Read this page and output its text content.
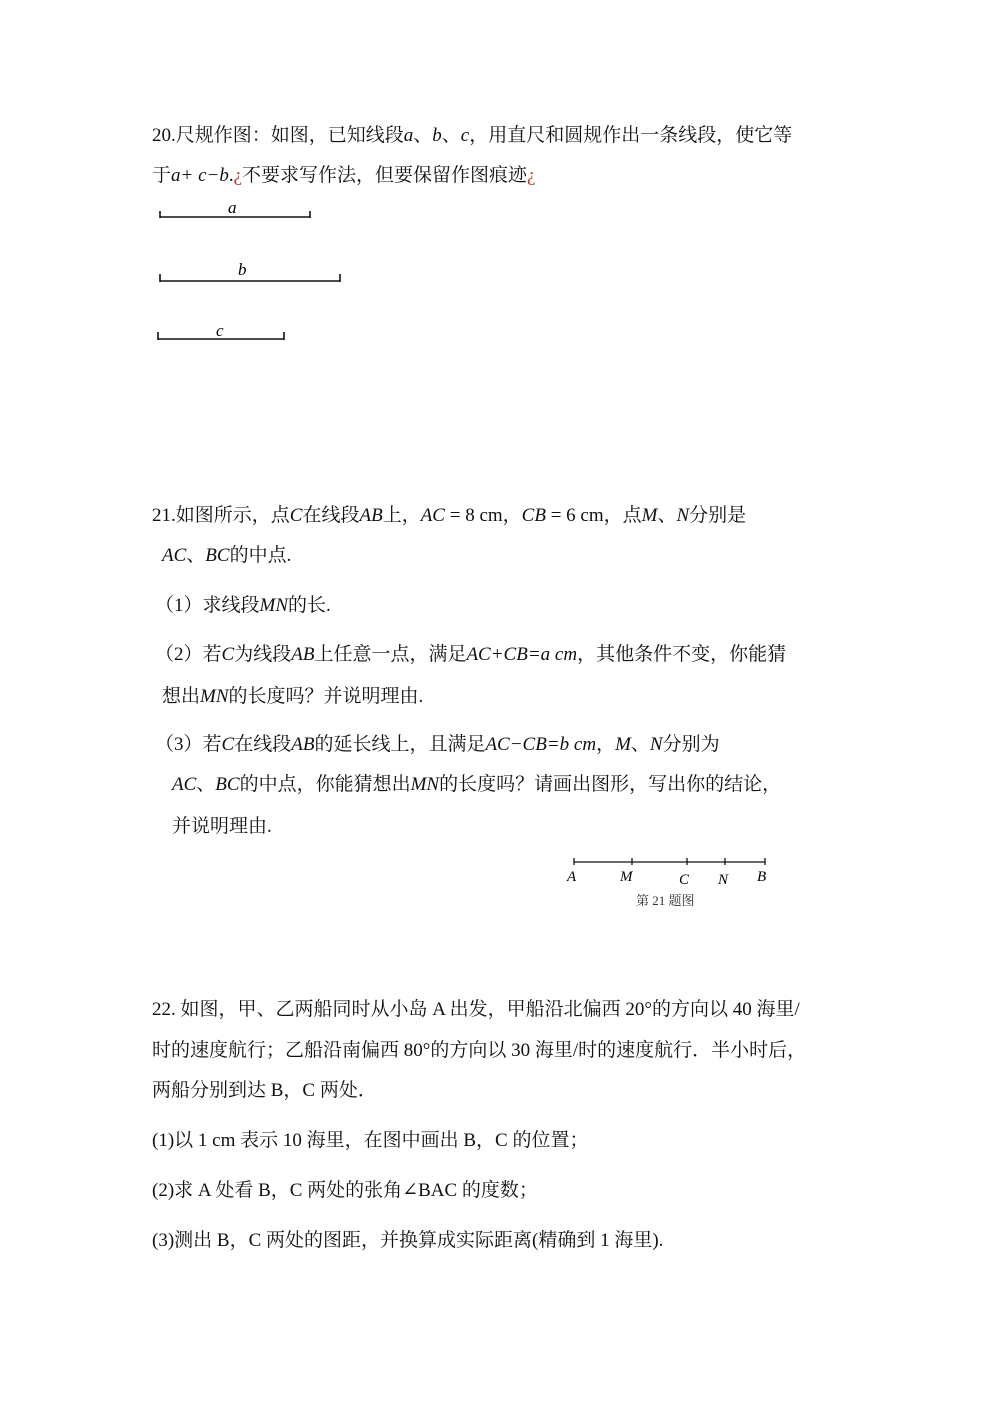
20.尺规作图：如图，已知线段a、b、c，用直尺和圆规作出一条线段，使它等
于a+ c−b.¿不要求写作法，但要保留作图痕迹¿
a
b
c
A	M	C N B
第 21 题图
21.如图所示，点C在线段AB上，AC = 8 cm，CB = 6 cm，点M、N分别是
AC、BC的中点.
（1）求线段MN的长.
（2）若C为线段AB上任意一点，满足AC+CB=a cm，其他条件不变，你能猜
想出MN的长度吗？并说明理由.
（3）若C在线段AB的延长线上，且满足AC−CB=b cm，M、N分别为
AC、BC的中点，你能猜想出MN的长度吗？请画出图形，写出你的结论，
并说明理由.
22. 如图，甲、乙两船同时从小岛 A 出发，甲船沿北偏西 20°的方向以 40 海里/
时的速度航行；乙船沿南偏西 80°的方向以 30 海里/时的速度航行．半小时后，
两船分别到达 B，C 两处．
(1)以 1 cm 表示 10 海里，在图中画出 B，C 的位置；
(2)求 A 处看 B，C 两处的张角∠BAC 的度数；
(3)测出 B，C 两处的图距，并换算成实际距离(精确到 1 海里).
